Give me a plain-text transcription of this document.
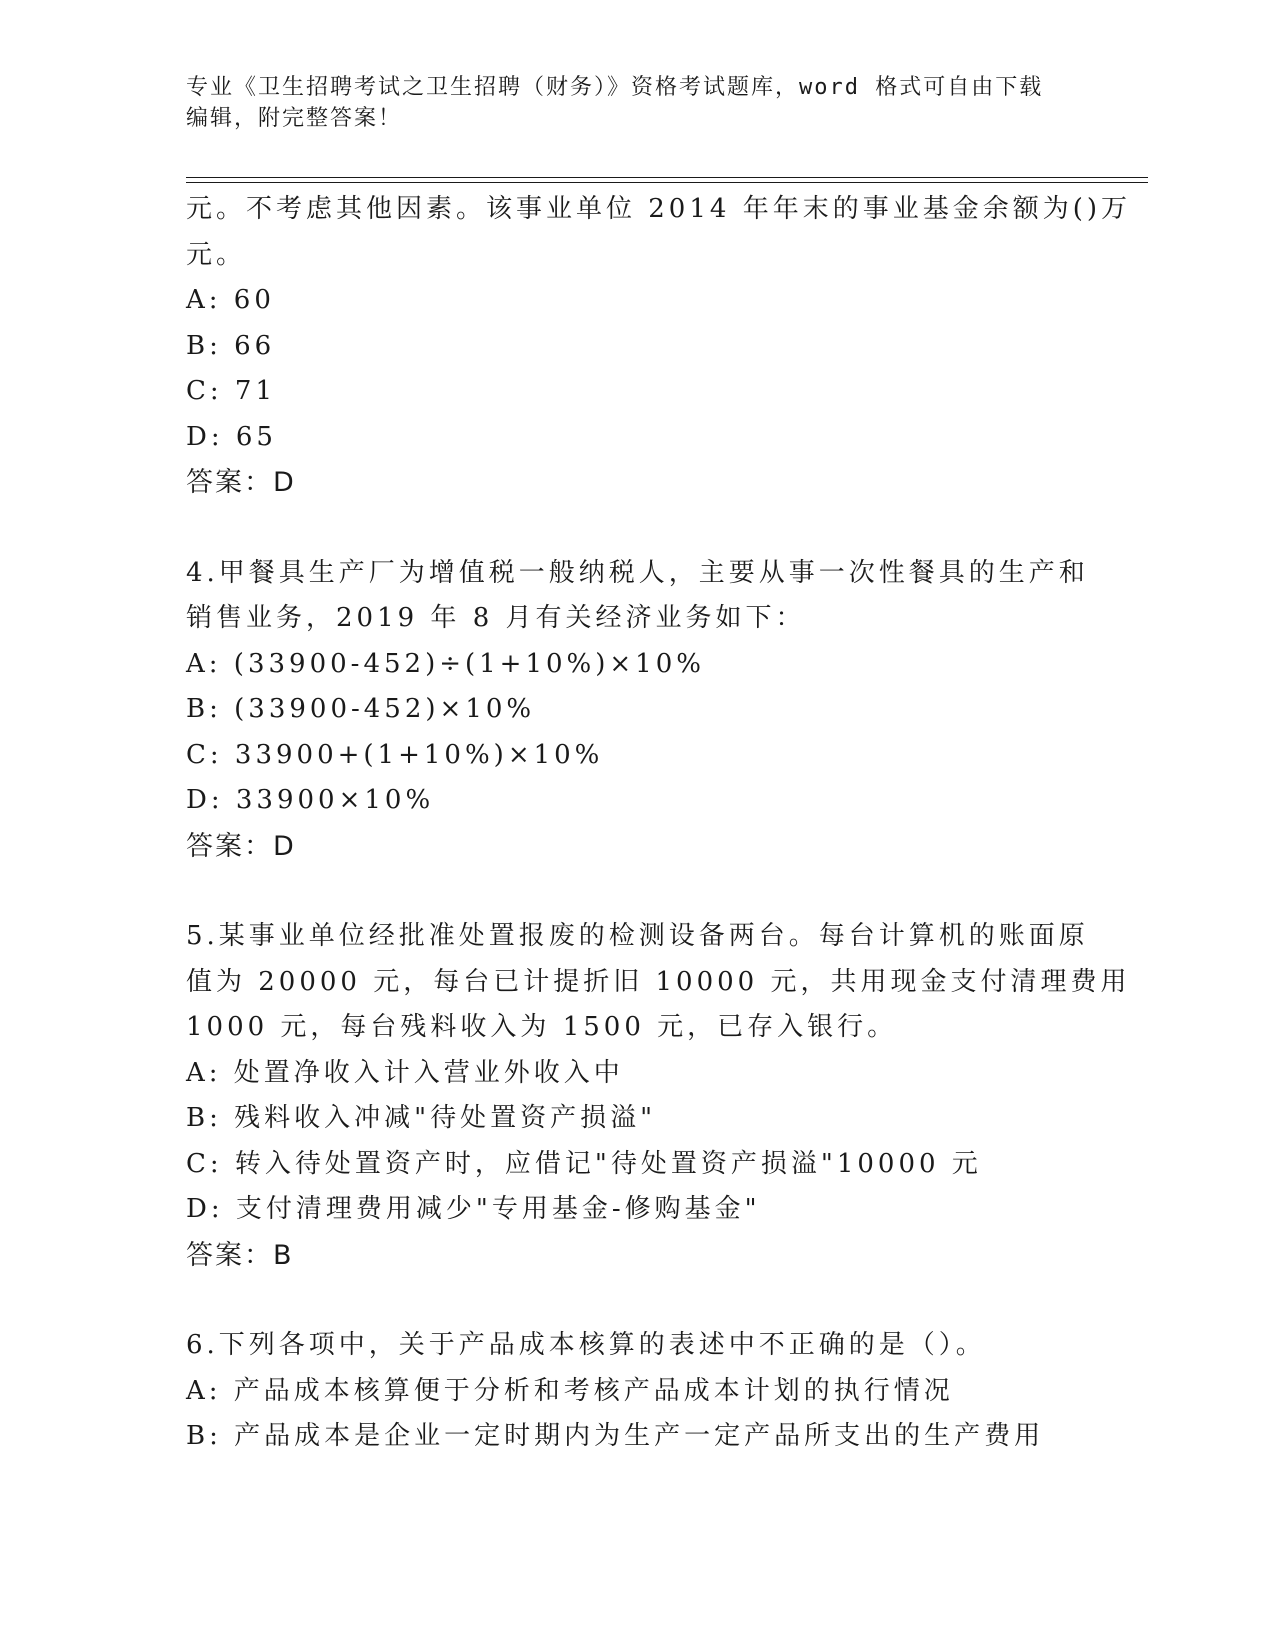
专业《卫生招聘考试之卫生招聘（财务）》资格考试题库，word 格式可自由下载
编辑，附完整答案！
元。不考虑其他因素。该事业单位 2014 年年末的事业基金余额为()万
元。
A: 60
B: 66
C: 71
D: 65
答案：D
4.甲餐具生产厂为增值税一般纳税人，主要从事一次性餐具的生产和
销售业务，2019 年 8 月有关经济业务如下：
A: (33900-452)÷(1+10%)×10%
B: (33900-452)×10%
C: 33900+(1+10%)×10%
D: 33900×10%
答案：D
5.某事业单位经批准处置报废的检测设备两台。每台计算机的账面原
值为 20000 元，每台已计提折旧 10000 元，共用现金支付清理费用
1000 元，每台残料收入为 1500 元，已存入银行。
A: 处置净收入计入营业外收入中
B: 残料收入冲减"待处置资产损溢"
C: 转入待处置资产时，应借记"待处置资产损溢"10000 元
D: 支付清理费用减少"专用基金-修购基金"
答案：B
6.下列各项中，关于产品成本核算的表述中不正确的是（）。
A: 产品成本核算便于分析和考核产品成本计划的执行情况
B: 产品成本是企业一定时期内为生产一定产品所支出的生产费用
